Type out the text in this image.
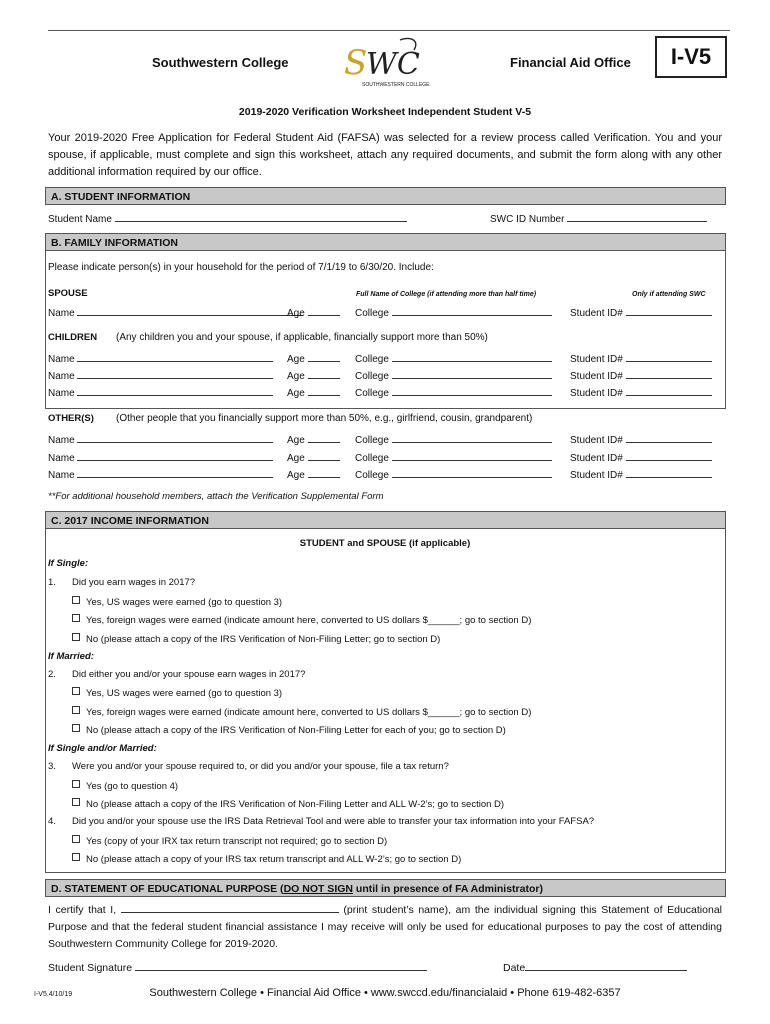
Southwestern College S
WC
SOUTHWESTERN COLLEGE
Financial Aid Office	I-V5
2019-2020 Verification Worksheet Independent Student V-5
Your 2019-2020 Free Application for Federal Student Aid (FAFSA) was selected for a review process called Verification. You and your spouse, if applicable, must complete and sign this worksheet, attach any required documents, and submit the form along with any other additional information required by our office.
A. STUDENT INFORMATION
Student Name	SWC ID Number
B. FAMILY INFORMATION
Please indicate person(s) in your household for the period of 7/1/19 to 6/30/20. Include:
SPOUSE	Full Name of College (if attending more than half time)	Only if attending SWC
Name	Age	College	Student ID#
CHILDREN (Any children you and your spouse, if applicable, financially support more than 50%)
Name	Age	College	Student ID#
Name	Age	College	Student ID#
Name	Age	College	Student ID#
OTHER(S) (Other people that you financially support more than 50%, e.g., girlfriend, cousin, grandparent)
Name	Age	College	Student ID#
Name	Age	College	Student ID#
Name	Age	College	Student ID#
**For additional household members, attach the Verification Supplemental Form
C. 2017 INCOME INFORMATION
STUDENT and SPOUSE (if applicable)
If Single:
1. Did you earn wages in 2017?
Yes, US wages were earned (go to question 3)
Yes, foreign wages were earned (indicate amount here, converted to US dollars $______; go to section D)
No (please attach a copy of the IRS Verification of Non-Filing Letter; go to section D)
If Married:
2. Did either you and/or your spouse earn wages in 2017?
Yes, US wages were earned (go to question 3)
Yes, foreign wages were earned (indicate amount here, converted to US dollars $______; go to section D)
No (please attach a copy of the IRS Verification of Non-Filing Letter for each of you; go to section D)
If Single and/or Married:
3. Were you and/or your spouse required to, or did you and/or your spouse, file a tax return?
Yes (go to question 4)
No (please attach a copy of the IRS Verification of Non-Filing Letter and ALL W-2’s; go to section D)
4. Did you and/or your spouse use the IRS Data Retrieval Tool and were able to transfer your tax information into your FAFSA?
Yes (copy of your IRX tax return transcript not required; go to section D)
No (please attach a copy of your IRS tax return transcript and ALL W-2’s; go to section D)
D. STATEMENT OF EDUCATIONAL PURPOSE (DO NOT SIGN until in presence of FA Administrator)
I certify that I,	(print student’s name), am the individual signing this Statement of Educational Purpose and that the federal student financial assistance I may receive will only be used for educational purposes to pay the cost of attending Southwestern Community College for 2019-2020.
Student Signature	Date
I-V5.4/10/19	Southwestern College • Financial Aid Office • www.swccd.edu/financialaid • Phone 619-482-6357
